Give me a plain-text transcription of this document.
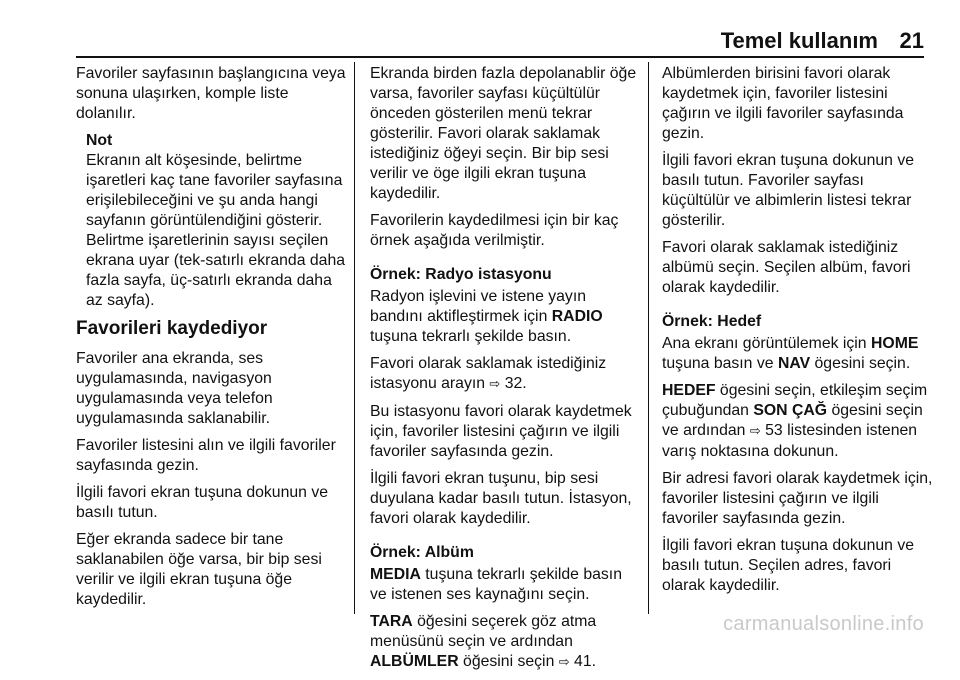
Temel kullanım 21

Favoriler sayfasının başlangıcına veya sonuna ulaşırken, komple liste dolanılır.

Not
Ekranın alt köşesinde, belirtme işaretleri kaç tane favoriler sayfasına erişilebileceğini ve şu anda hangi sayfanın görüntülendiğini gösterir. Belirtme işaretlerinin sayısı seçilen ekrana uyar (tek-satırlı ekranda daha fazla sayfa, üç-satırlı ekranda daha az sayfa).
Favorileri kaydediyor

Favoriler ana ekranda, ses uygulamasında, navigasyon uygulamasında veya telefon uygulamasında saklanabilir.

Favoriler listesini alın ve ilgili favoriler sayfasında gezin.

İlgili favori ekran tuşuna dokunun ve basılı tutun.

Eğer ekranda sadece bir tane saklanabilen öğe varsa, bir bip sesi verilir ve ilgili ekran tuşuna öğe kaydedilir.

Ekranda birden fazla depolanablir öğe varsa, favoriler sayfası küçültülür önceden gösterilen menü tekrar gösterilir. Favori olarak saklamak istediğiniz öğeyi seçin. Bir bip sesi verilir ve öge ilgili ekran tuşuna kaydedilir.

Favorilerin kaydedilmesi için bir kaç örnek aşağıda verilmiştir.

Örnek: Radyo istasyonu

Radyon işlevini ve istene yayın bandını aktifleştirmek için RADIO tuşuna tekrarlı şekilde basın.

Favori olarak saklamak istediğiniz istasyonu arayın ⇨ 32.

Bu istasyonu favori olarak kaydetmek için, favoriler listesini çağırın ve ilgili favoriler sayfasında gezin.

İlgili favori ekran tuşunu, bip sesi duyulana kadar basılı tutun. İstasyon, favori olarak kaydedilir.

Örnek: Albüm

MEDIA tuşuna tekrarlı şekilde basın ve istenen ses kaynağını seçin.

TARA öğesini seçerek göz atma menüsünü seçin ve ardından
ALBÜMLER öğesini seçin ⇨ 41.

Albümlerden birisini favori olarak kaydetmek için, favoriler listesini çağırın ve ilgili favoriler sayfasında gezin.

İlgili favori ekran tuşuna dokunun ve basılı tutun. Favoriler sayfası küçültülür ve albimlerin listesi tekrar gösterilir.

Favori olarak saklamak istediğiniz albümü seçin. Seçilen albüm, favori olarak kaydedilir.

Örnek: Hedef

Ana ekranı görüntülemek için HOME tuşuna basın ve NAV ögesini seçin.

HEDEF ögesini seçin, etkileşim seçim çubuğundan SON ÇAĞ ögesini seçin ve ardından ⇨ 53 listesinden istenen varış noktasına dokunun.

Bir adresi favori olarak kaydetmek için, favoriler listesini çağırın ve ilgili favoriler sayfasında gezin.

İlgili favori ekran tuşuna dokunun ve basılı tutun. Seçilen adres, favori olarak kaydedilir.

carmanualsonline.info
